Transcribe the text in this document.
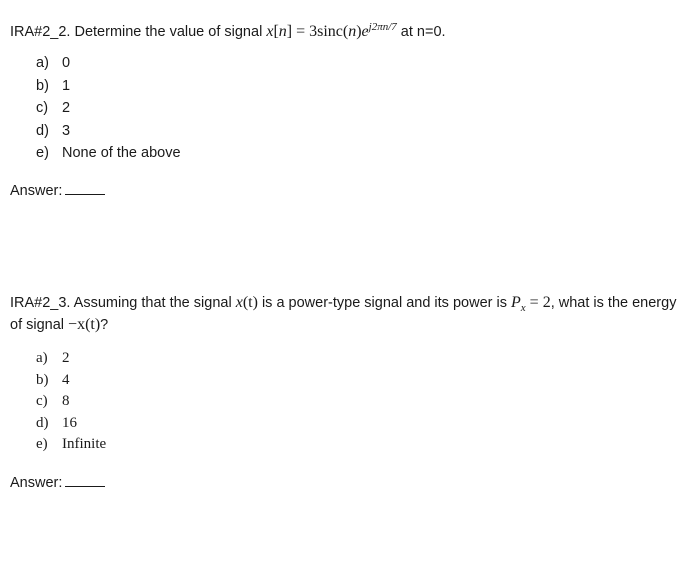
IRA#2_2. Determine the value of signal $x[n] = 3\sin c(n)e^{j2\pi n/7}$ at n=0.
a) 0
b) 1
c) 2
d) 3
e) None of the above
Answer:
IRA#2_3. Assuming that the signal x(t) is a power-type signal and its power is $P_x = 2$, what is the energy
of signal −x(t)?
a) 2
b) 4
c) 8
d) 16
e) Infinite
Answer:
